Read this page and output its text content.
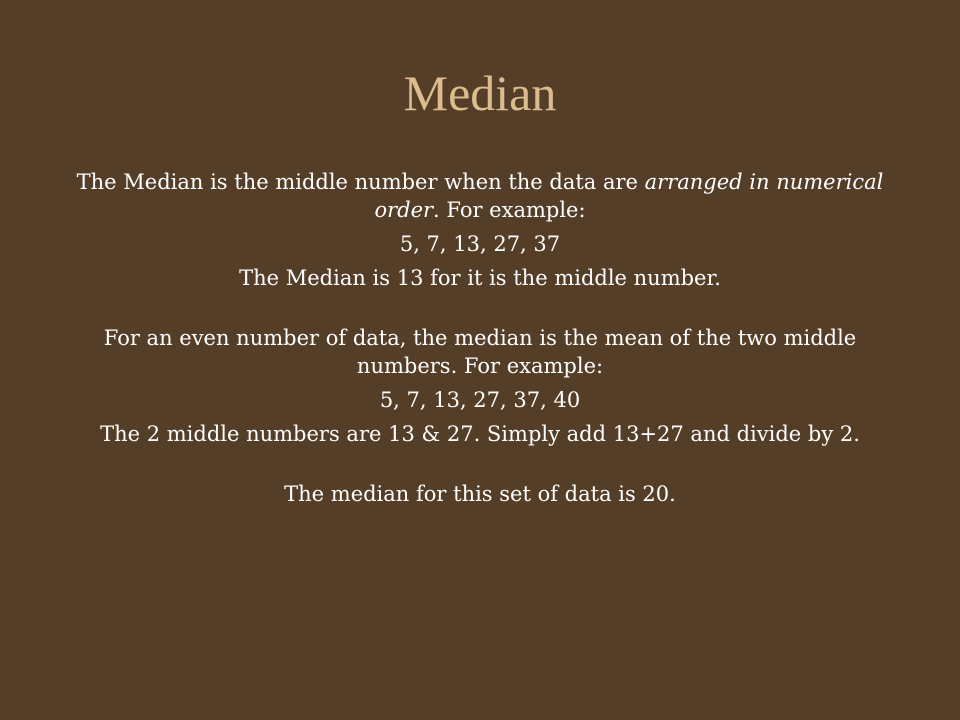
Median

The Median is the middle number when the data are arranged in numerical order. For example:

5, 7, 13, 27, 37

The Median is 13 for it is the middle number.

For an even number of data, the median is the mean of the two middle numbers. For example:

5, 7, 13, 27, 37, 40

The 2 middle numbers are 13 & 27. Simply add 13+27 and divide by 2.

The median for this set of data is 20.
